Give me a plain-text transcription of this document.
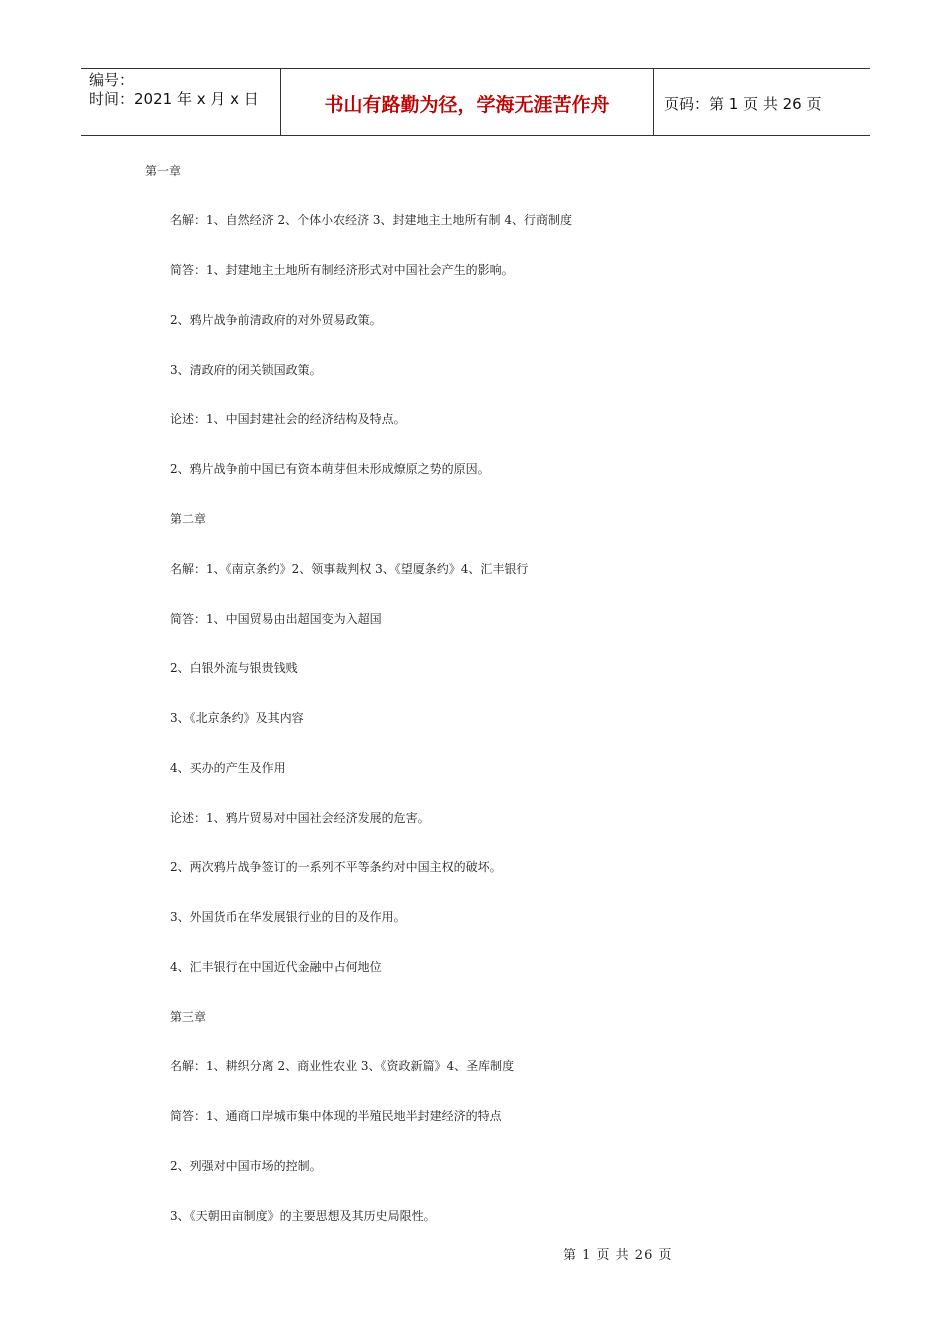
编号：
时间：2021 年 x 月 x 日	书山有路勤为径，学海无涯苦作舟	页码：第 1 页 共 26 页
第一章
名解：1、自然经济 2、个体小农经济 3、封建地主土地所有制 4、行商制度
简答：1、封建地主土地所有制经济形式对中国社会产生的影响。
2、鸦片战争前清政府的对外贸易政策。
3、清政府的闭关锁国政策。
论述：1、中国封建社会的经济结构及特点。
2、鸦片战争前中国已有资本萌芽但未形成燎原之势的原因。
第二章
名解：1、《南京条约》2、领事裁判权 3、《望厦条约》4、汇丰银行
简答：1、中国贸易由出超国变为入超国
2、白银外流与银贵钱贱
3、《北京条约》及其内容
4、买办的产生及作用
论述：1、鸦片贸易对中国社会经济发展的危害。
2、两次鸦片战争签订的一系列不平等条约对中国主权的破坏。
3、外国货币在华发展银行业的目的及作用。
4、汇丰银行在中国近代金融中占何地位
第三章
名解：1、耕织分离 2、商业性农业 3、《资政新篇》4、圣库制度
简答：1、通商口岸城市集中体现的半殖民地半封建经济的特点
2、列强对中国市场的控制。
3、《天朝田亩制度》的主要思想及其历史局限性。
第 1 页 共 26 页
